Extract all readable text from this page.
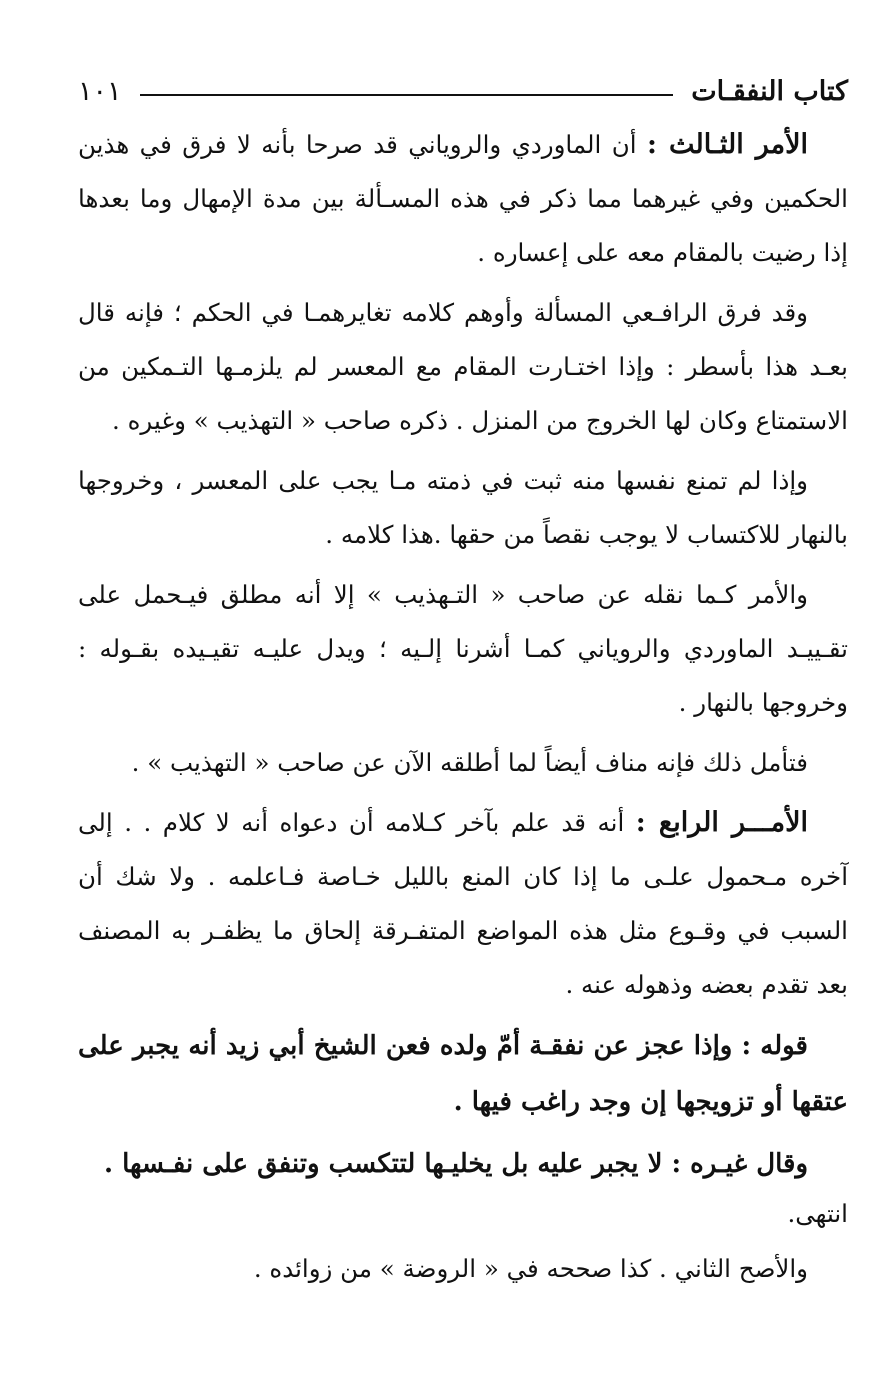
كتاب النفقـات
١٠١

الأمر الثـالث : أن الماوردي والروياني قد صرحا بأنه لا فرق في هذين الحكمين وفي غيرهما مما ذكر في هذه المسـألة بين مدة الإمهال وما بعدها إذا رضيت بالمقام معه على إعساره .

وقد فرق الرافـعي المسألة وأوهم كلامه تغايرهمـا في الحكم ؛ فإنه قال بعـد هذا بأسطر : وإذا اختـارت المقام مع المعسر لم يلزمـها التـمكين من الاستمتاع وكان لها الخروج من المنزل . ذكره صاحب « التهذيب » وغيره .

وإذا لم تمنع نفسها منه ثبت في ذمته مـا يجب على المعسر ، وخروجها بالنهار للاكتساب لا يوجب نقصاً من حقها .هذا كلامه .

والأمر كـما نقله عن صاحب « التـهذيب » إلا أنه مطلق فيـحمل على تقـييـد الماوردي والروياني كمـا أشرنا إلـيه ؛ ويدل عليـه تقيـيده بقـوله : وخروجها بالنهار .

فتأمل ذلك فإنه مناف أيضاً لما أطلقه الآن عن صاحب « التهذيب » .

الأمـــر الرابع : أنه قد علم بآخر كـلامه أن دعواه أنه لا كلام . . إلى آخره مـحمول علـى ما إذا كان المنع بالليل خـاصة فـاعلمه . ولا شك أن السبب في وقـوع مثل هذه المواضع المتفـرقة إلحاق ما يظفـر به المصنف بعد تقدم بعضه وذهوله عنه .

قوله : وإذا عجز عن نفقـة أمّ ولده فعن الشيخ أبي زيد أنه يجبر على عتقها أو تزويجها إن وجد راغب فيها .

وقال غيـره : لا يجبر عليه بل يخليـها لتتكسب وتنفق على نفـسها .

انتهى.

والأصح الثاني . كذا صححه في « الروضة » من زوائده .
